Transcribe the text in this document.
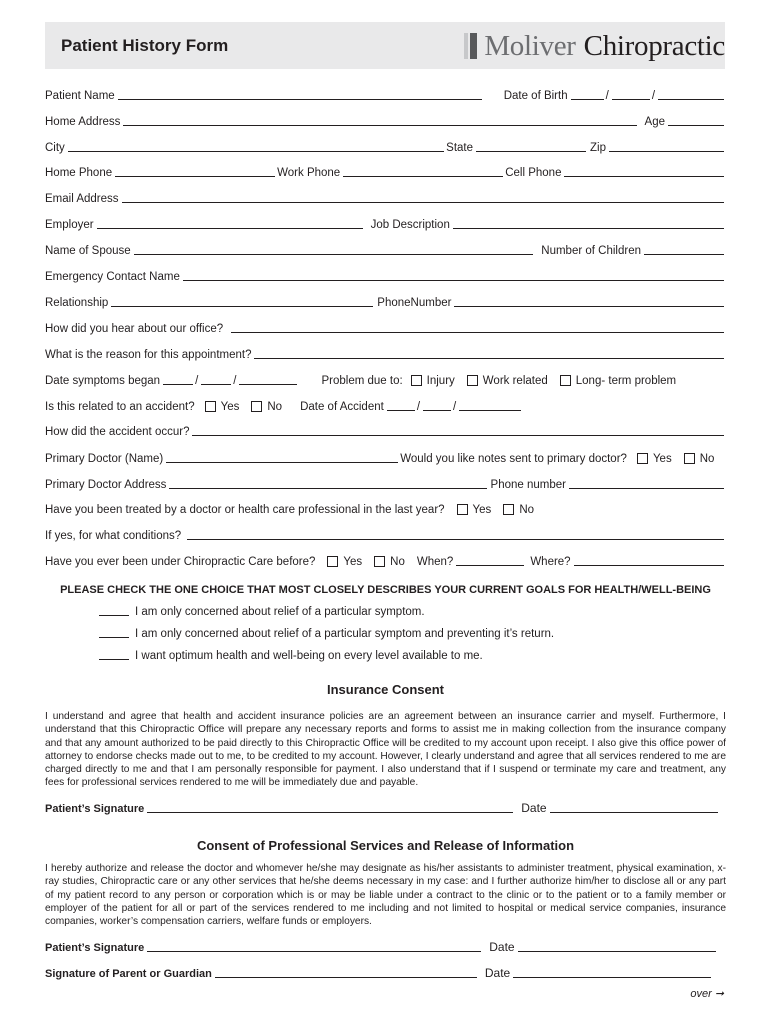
Patient History Form	Moliver Chiropractic
Patient Name	Date of Birth	/	/
Home Address	Age
City	State	Zip
Home Phone	Work Phone	Cell Phone
Email Address
Employer	Job Description
Name of Spouse	Number of Children
Emergency Contact Name
Relationship	PhoneNumber
How did you hear about our office?
What is the reason for this appointment?
Date symptoms began	/	/	Problem due to: Injury Work related Long- term problem
Is this related to an accident? Yes No Date of Accident	/	/
How did the accident occur?
Primary Doctor (Name)	Would you like notes sent to primary doctor? Yes No
Primary Doctor Address	Phone number
Have you been treated by a doctor or health care professional in the last year? Yes No
If yes, for what conditions?
Have you ever been under Chiropractic Care before? Yes No When?	Where?
PLEASE CHECK THE ONE CHOICE THAT MOST CLOSELY DESCRIBES YOUR CURRENT GOALS FOR HEALTH/WELL-BEING
I am only concerned about relief of a particular symptom.
I am only concerned about relief of a particular symptom and preventing it’s return.
I want optimum health and well-being on every level available to me.
Insurance Consent
I understand and agree that health and accident insurance policies are an agreement between an insurance carrier and myself. Furthermore, I understand that this Chiropractic Office will prepare any necessary reports and forms to assist me in making collection from the insurance company and that any amount authorized to be paid directly to this Chiropractic Office will be credited to my account upon receipt. I also give this office power of attorney to endorse checks made out to me, to be credited to my account. However, I clearly understand and agree that all services rendered to me are charged directly to me and that I am personally responsible for payment. I also understand that if I suspend or terminate my care and treatment, any fees for professional services rendered to me will be immediately due and payable.
Patient’s Signature	Date
Consent of Professional Services and Release of Information
I hereby authorize and release the doctor and whomever he/she may designate as his/her assistants to administer treatment, physical examination, x-ray studies, Chiropractic care or any other services that he/she deems necessary in my case: and I further authorize him/her to disclose all or any part of my patient record to any person or corporation which is or may be liable under a contract to the clinic or to the patient or to a family member or employer of the patient for all or part of the services rendered to me including and not limited to hospital or medical service companies, insurance companies, worker’s compensation carriers, welfare funds or employers.
Patient’s Signature	Date
Signature of Parent or Guardian	Date
over ➞
